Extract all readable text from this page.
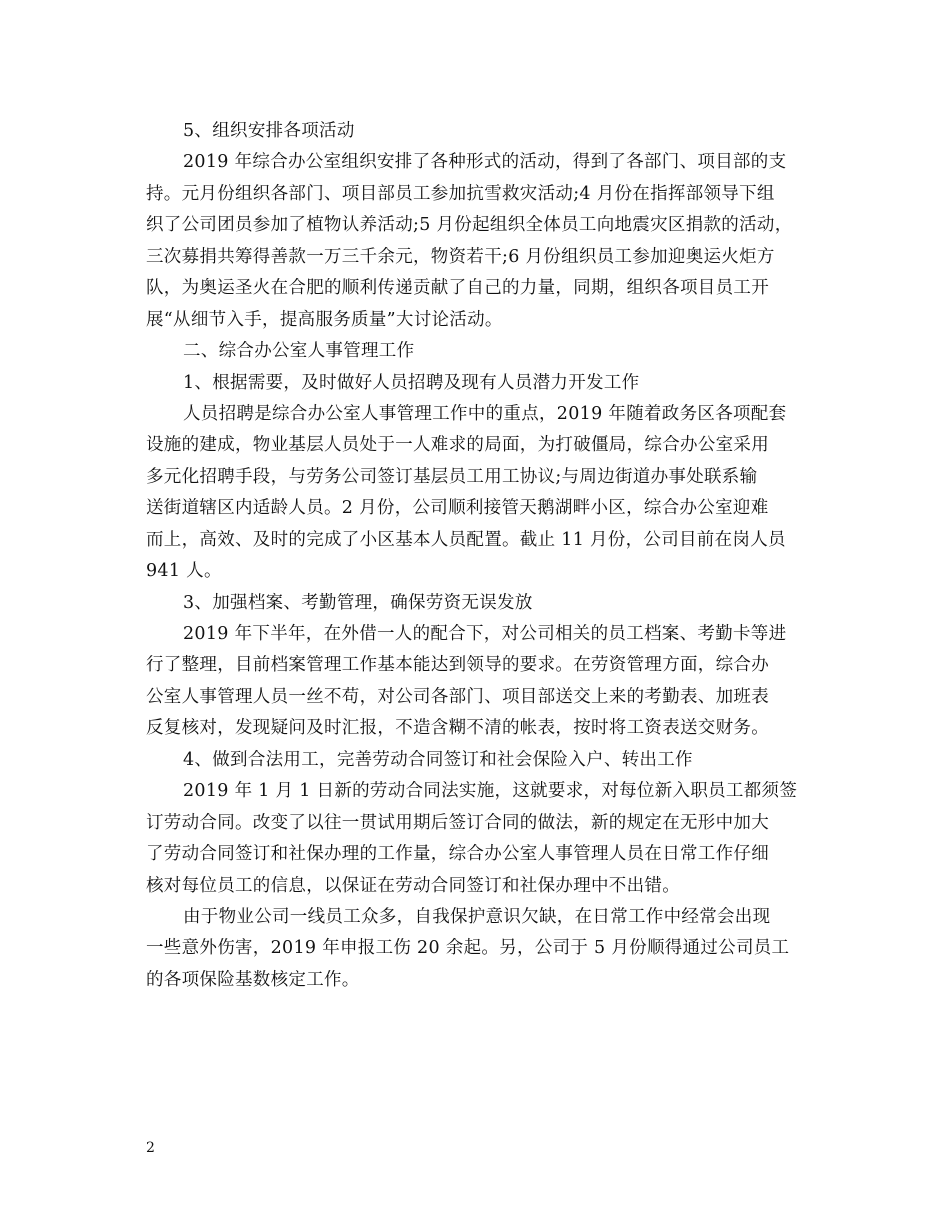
5、组织安排各项活动
2019 年综合办公室组织安排了各种形式的活动，得到了各部门、项目部的支
持。元月份组织各部门、项目部员工参加抗雪救灾活动;4 月份在指挥部领导下组
织了公司团员参加了植物认养活动;5 月份起组织全体员工向地震灾区捐款的活动，
三次募捐共筹得善款一万三千余元，物资若干;6 月份组织员工参加迎奥运火炬方
队，为奥运圣火在合肥的顺利传递贡献了自己的力量，同期，组织各项目员工开
展“从细节入手，提高服务质量”大讨论活动。
二、综合办公室人事管理工作
1、根据需要，及时做好人员招聘及现有人员潜力开发工作
人员招聘是综合办公室人事管理工作中的重点，2019 年随着政务区各项配套
设施的建成，物业基层人员处于一人难求的局面，为打破僵局，综合办公室采用
多元化招聘手段，与劳务公司签订基层员工用工协议;与周边街道办事处联系输
送街道辖区内适龄人员。2 月份，公司顺利接管天鹅湖畔小区，综合办公室迎难
而上，高效、及时的完成了小区基本人员配置。截止 11 月份，公司目前在岗人员
941 人。
3、加强档案、考勤管理，确保劳资无误发放
2019 年下半年，在外借一人的配合下，对公司相关的员工档案、考勤卡等进
行了整理，目前档案管理工作基本能达到领导的要求。在劳资管理方面，综合办
公室人事管理人员一丝不苟，对公司各部门、项目部送交上来的考勤表、加班表
反复核对，发现疑问及时汇报，不造含糊不清的帐表，按时将工资表送交财务。
4、做到合法用工，完善劳动合同签订和社会保险入户、转出工作
2019 年 1 月 1 日新的劳动合同法实施，这就要求，对每位新入职员工都须签
订劳动合同。改变了以往一贯试用期后签订合同的做法，新的规定在无形中加大
了劳动合同签订和社保办理的工作量，综合办公室人事管理人员在日常工作仔细
核对每位员工的信息，以保证在劳动合同签订和社保办理中不出错。
由于物业公司一线员工众多，自我保护意识欠缺，在日常工作中经常会出现
一些意外伤害，2019 年申报工伤 20 余起。另，公司于 5 月份顺得通过公司员工
的各项保险基数核定工作。
2
